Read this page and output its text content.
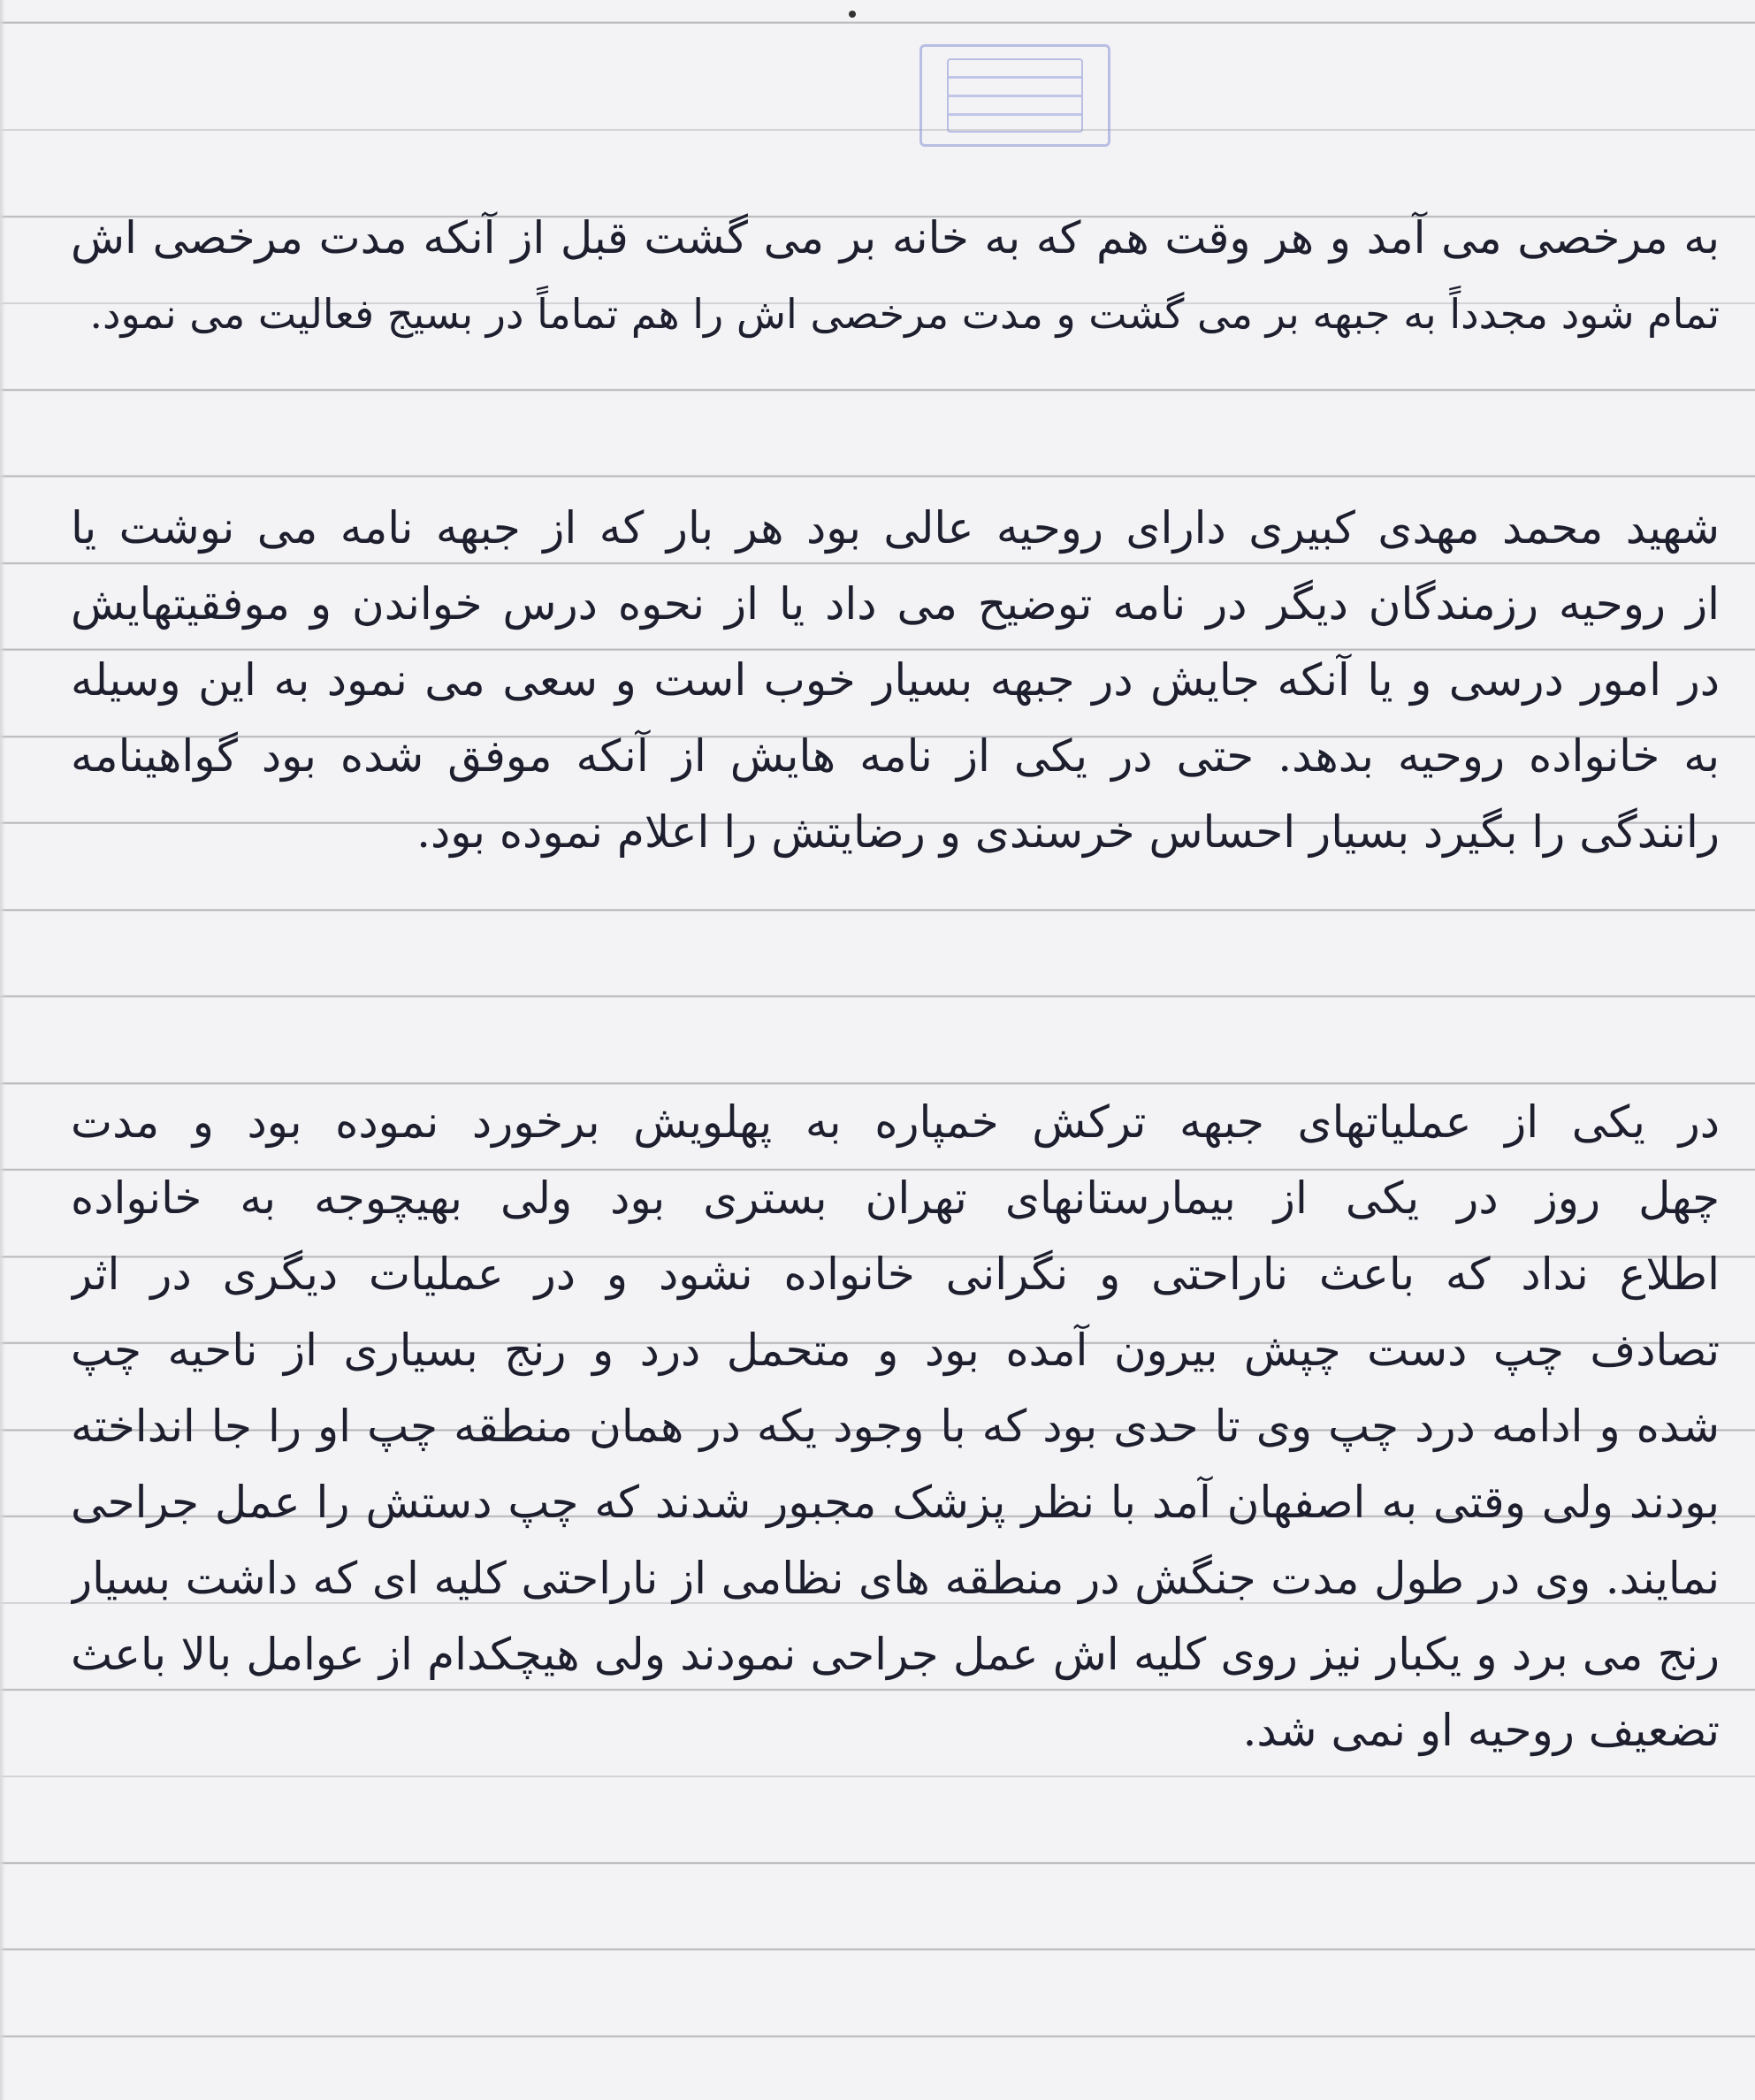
به مرخصی می آمد و هر وقت هم که به خانه بر می گشت قبل از آنکه مدت مرخصی اش
تمام شود مجدداً به جبهه بر می گشت و مدت مرخصی اش را هم تماماً در بسیج فعالیت می نمود.
شهید محمد مهدی کبیری دارای روحیه عالی بود هر بار که از جبهه نامه می نوشت یا
از روحیه رزمندگان دیگر در نامه توضیح می داد یا از نحوه درس خواندن و موفقیتهایش
در امور درسی و یا آنکه جایش در جبهه بسیار خوب است و سعی می نمود به این وسیله
به خانواده روحیه بدهد. حتی در یکی از نامه هایش از آنکه موفق شده بود گواهینامه
رانندگی را بگیرد بسیار احساس خرسندی و رضایتش را اعلام نموده بود.
در یکی از عملیاتهای جبهه ترکش خمپاره به پهلویش برخورد نموده بود و مدت
چهل روز در یکی از بیمارستانهای تهران بستری بود ولی بهیچوجه به خانواده
اطلاع نداد که باعث ناراحتی و نگرانی خانواده نشود و در عملیات دیگری در اثر
تصادف چپ دست چپش بیرون آمده بود و متحمل درد و رنج بسیاری از ناحیه چپ
شده و ادامه درد چپ وی تا حدی بود که با وجود یکه در همان منطقه چپ او را جا انداخته
بودند ولی وقتی به اصفهان آمد با نظر پزشک مجبور شدند که چپ دستش را عمل جراحی
نمایند. وی در طول مدت جنگش در منطقه های نظامی از ناراحتی کلیه ای که داشت بسیار
رنج می برد و یکبار نیز روی کلیه اش عمل جراحی نمودند ولی هیچکدام از عوامل بالا باعث
تضعیف روحیه او نمی شد.
